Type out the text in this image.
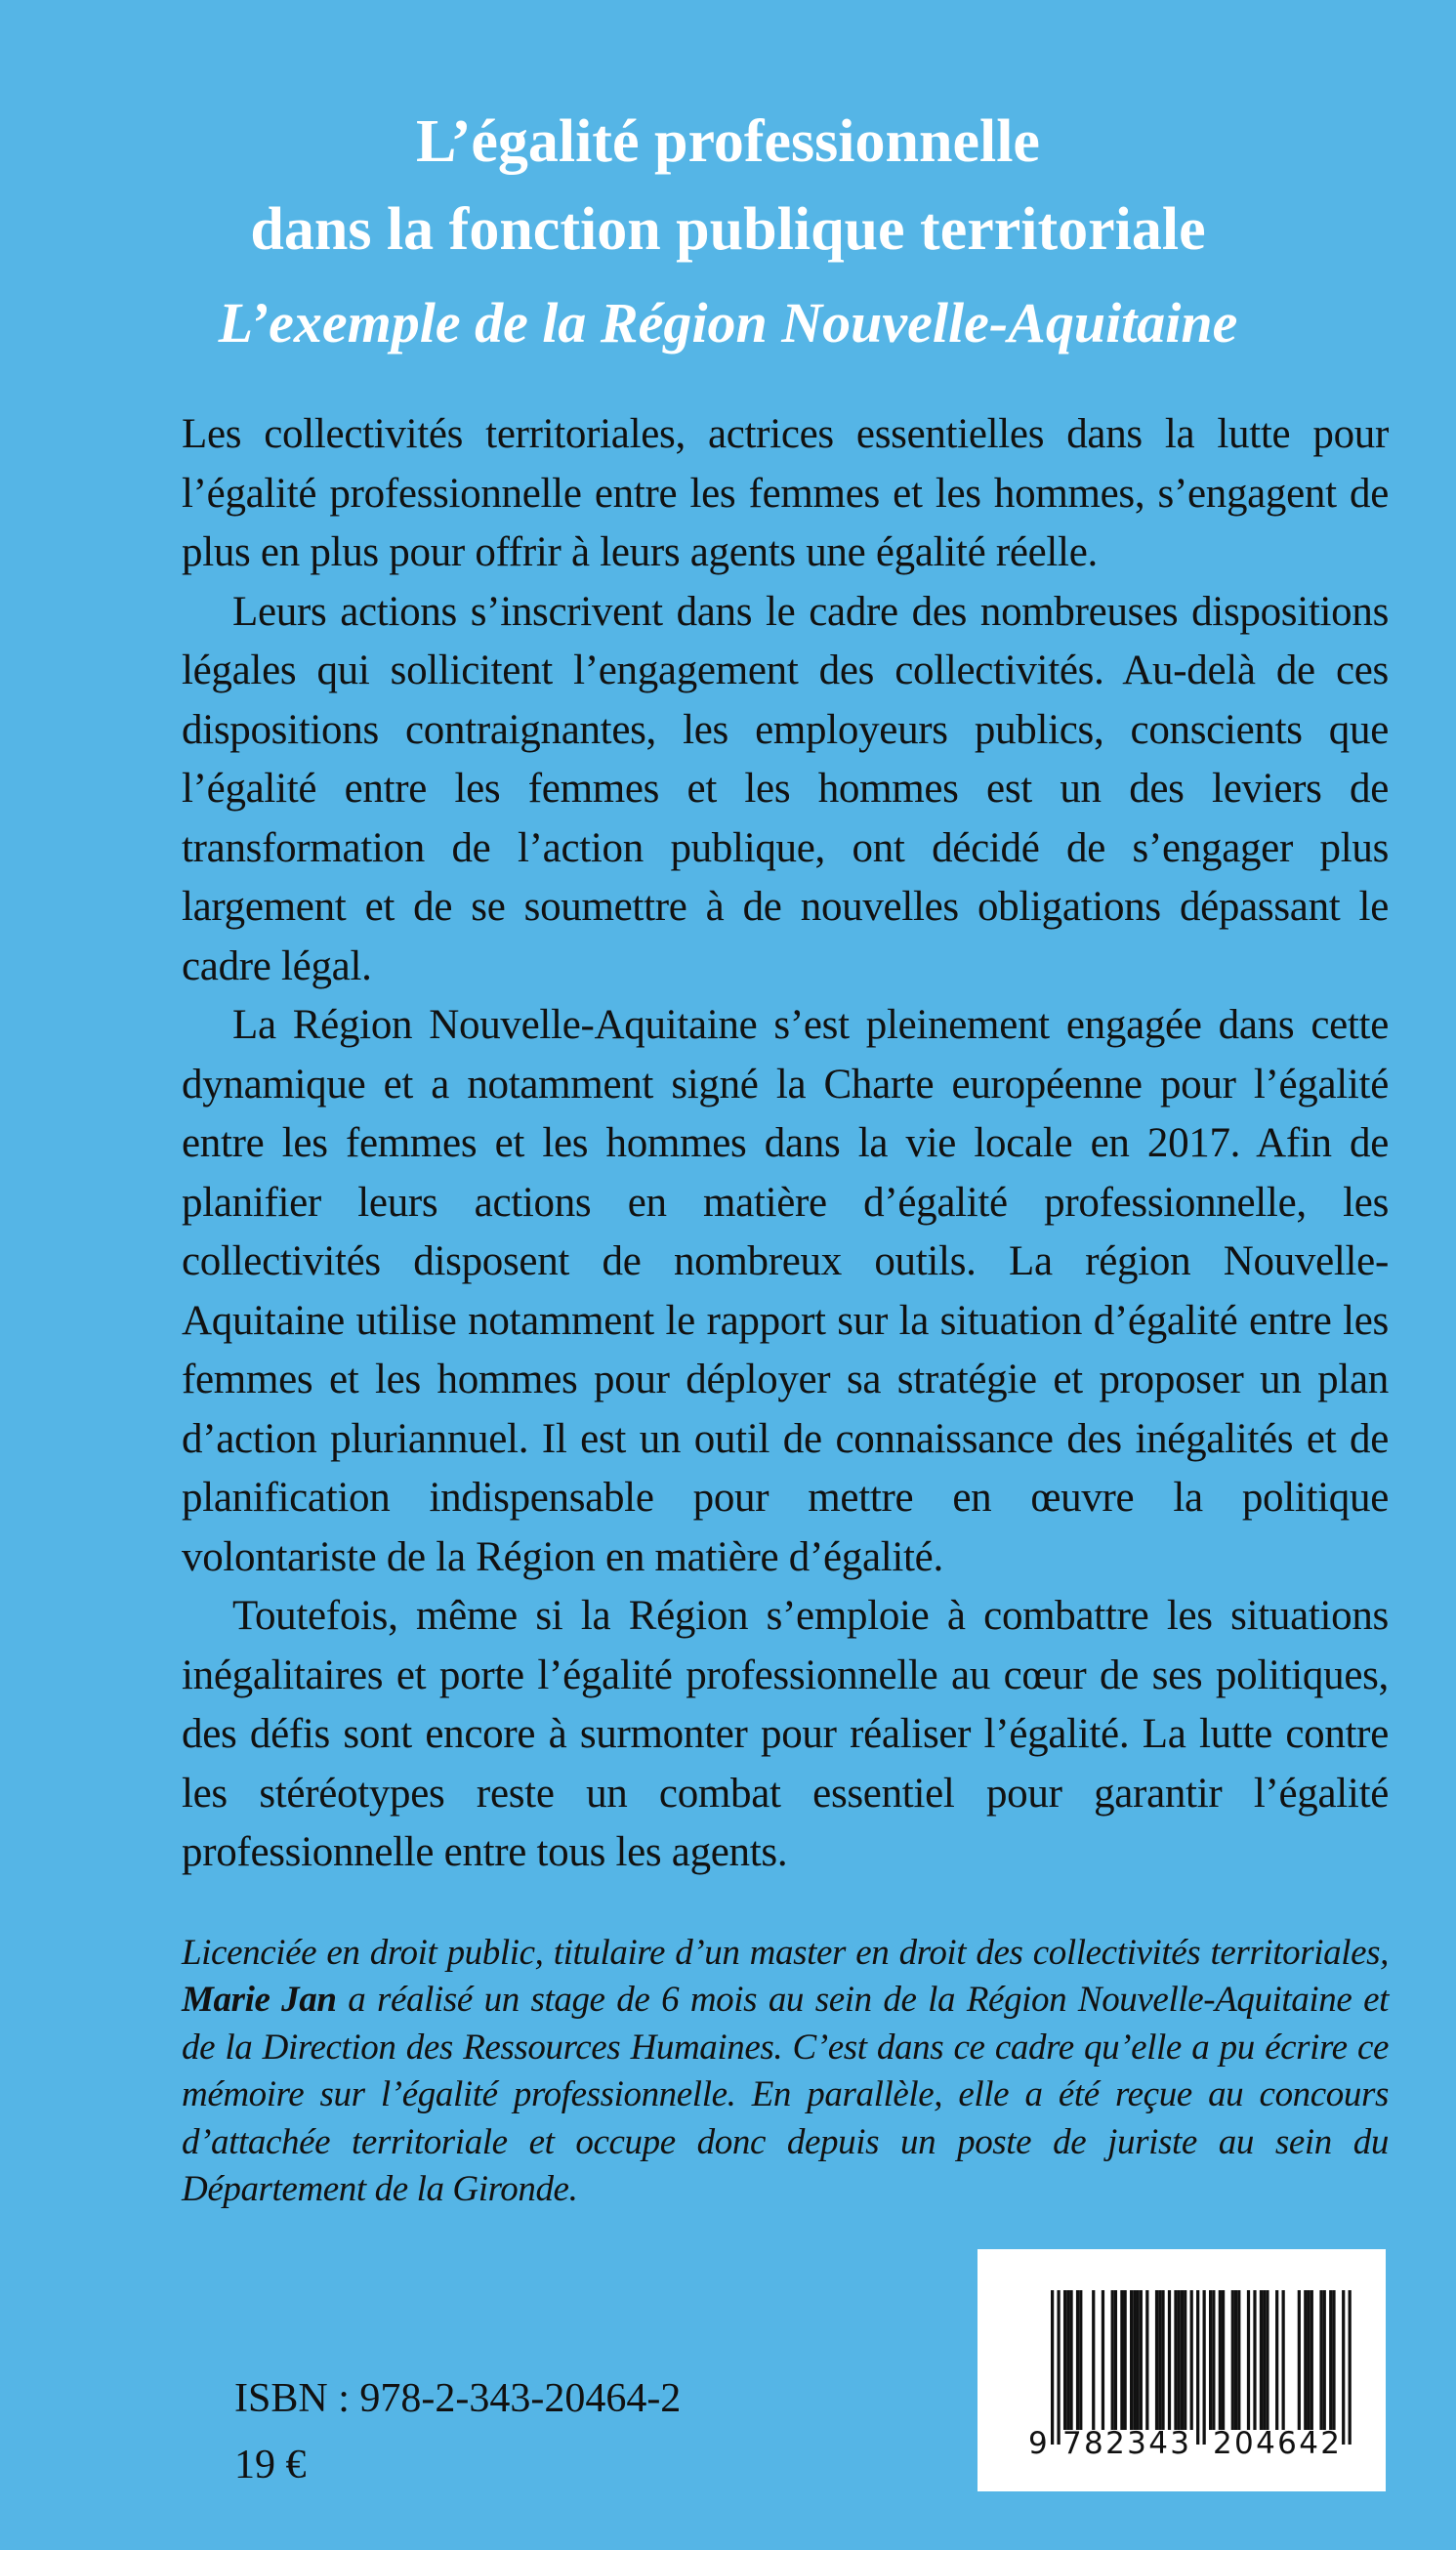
L’égalité professionnelle
dans la fonction publique territoriale
L’exemple de la Région Nouvelle-Aquitaine

Les collectivités territoriales, actrices essentielles dans la lutte pour l’égalité professionnelle entre les femmes et les hommes, s’engagent de plus en plus pour offrir à leurs agents une égalité réelle.

Leurs actions s’inscrivent dans le cadre des nombreuses dispositions légales qui sollicitent l’engagement des collectivités. Au-delà de ces dispositions contraignantes, les employeurs publics, conscients que l’égalité entre les femmes et les hommes est un des leviers de transformation de l’action publique, ont décidé de s’engager plus largement et de se soumettre à de nouvelles obligations dépassant le cadre légal.

La Région Nouvelle-Aquitaine s’est pleinement engagée dans cette dynamique et a notamment signé la Charte européenne pour l’égalité entre les femmes et les hommes dans la vie locale en 2017. Afin de planifier leurs actions en matière d’égalité professionnelle, les collectivités disposent de nombreux outils. La région Nouvelle-Aquitaine utilise notamment le rapport sur la situation d’égalité entre les femmes et les hommes pour déployer sa stratégie et proposer un plan d’action pluriannuel. Il est un outil de connaissance des inégalités et de planification indispensable pour mettre en œuvre la politique volontariste de la Région en matière d’égalité.

Toutefois, même si la Région s’emploie à combattre les situations inégalitaires et porte l’égalité professionnelle au cœur de ses politiques, des défis sont encore à surmonter pour réaliser l’égalité. La lutte contre les stéréotypes reste un combat essentiel pour garantir l’égalité professionnelle entre tous les agents.

Licenciée en droit public, titulaire d’un master en droit des collectivités territoriales, Marie Jan a réalisé un stage de 6 mois au sein de la Région Nouvelle-Aquitaine et de la Direction des Ressources Humaines. C’est dans ce cadre qu’elle a pu écrire ce mémoire sur l’égalité professionnelle. En parallèle, elle a été reçue au concours d’attachée territoriale et occupe donc depuis un poste de juriste au sein du Département de la Gironde.

ISBN : 978-2-343-20464-2
19 €	9 782343 204642
